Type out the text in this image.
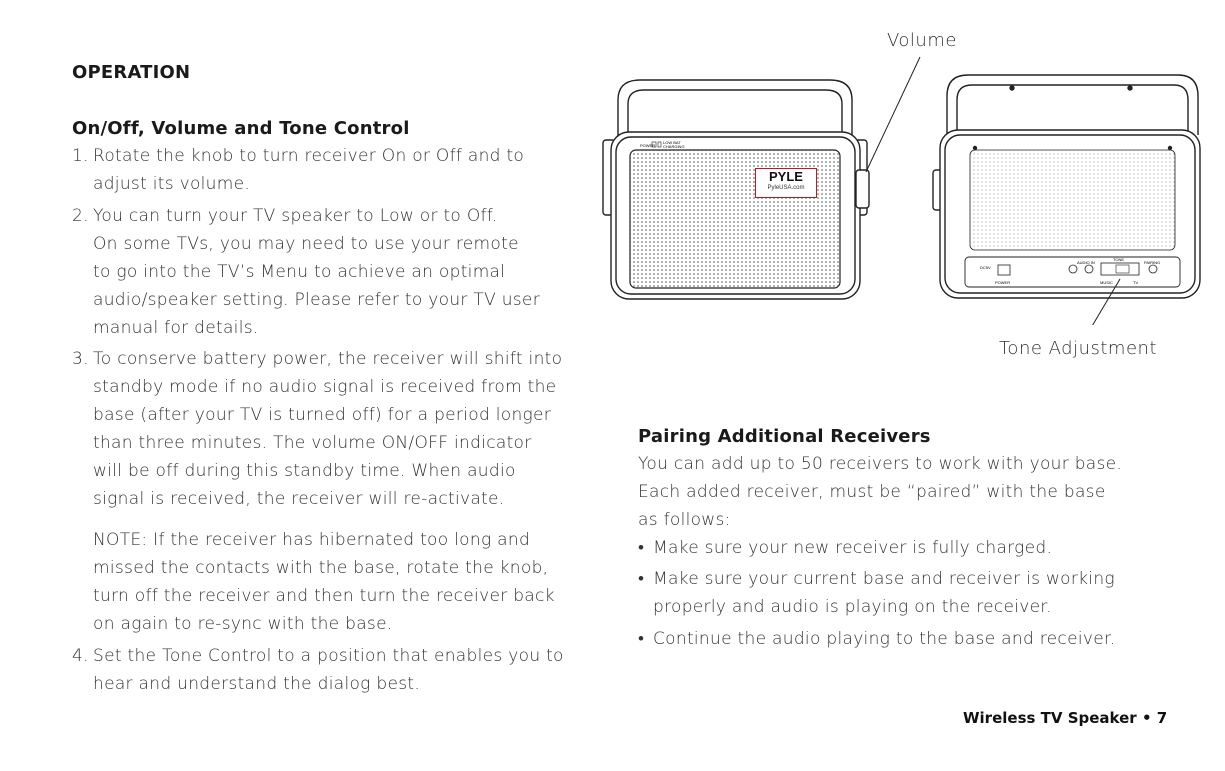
OPERATION
On/Off, Volume and Tone Control
1. Rotate the knob to turn receiver On or Off and to
adjust its volume.
2. You can turn your TV speaker to Low or to Off.
On some TVs, you may need to use your remote
to go into the TV’s Menu to achieve an optimal
audio/speaker setting. Please refer to your TV user
manual for details.
3. To conserve battery power, the receiver will shift into
standby mode if no audio signal is received from the
base (after your TV is turned off) for a period longer
than three minutes. The volume ON/OFF indicator
will be off during this standby time. When audio
signal is received, the receiver will re-activate.
NOTE: If the receiver has hibernated too long and
missed the contacts with the base, rotate the knob,
turn off the receiver and then turn the receiver back
on again to re-sync with the base.
4. Set the Tone Control to a position that enables you to
hear and understand the dialog best.
POWER
LOW BAT
CHARGING
DC5V
POWER
AUDIO IN
TONE
PAIRING
MUSIC	TV
PYLE
PyleUSA.com
Volume
Tone Adjustment
Pairing Additional Receivers
You can add up to 50 receivers to work with your base.
Each added receiver, must be “paired” with the base
as follows:
• Make sure your new receiver is fully charged.
• Make sure your current base and receiver is working
properly and audio is playing on the receiver.
• Continue the audio playing to the base and receiver.
Wireless TV Speaker • 7
